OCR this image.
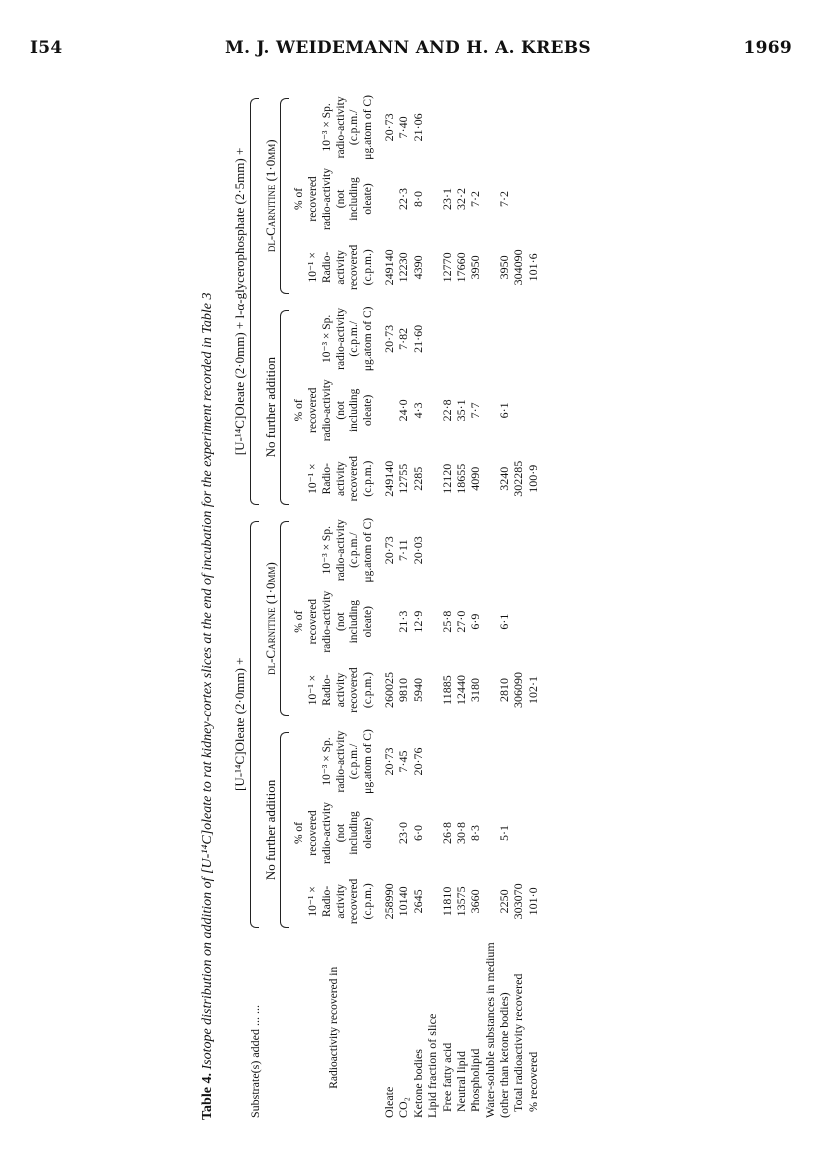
I54	M. J. WEIDEMANN AND H. A. KREBS	1969
Table 4. Isotope distribution on addition of [U-¹⁴C]oleate to rat kidney-cortex slices at the end of incubation for the experiment recorded in Table 3	Substrate(s) added ... ...	[U-¹⁴C]Oleate (2·0mm) +						[U-¹⁴C]Oleate (2·0mm) + l-α-glycerophosphate (2·5mm) +					

	No further addition			dl-Carnitine (1·0mm)			No further addition			dl-Carnitine (1·0mm)		

Radioactivity recovered in	10⁻¹ × Radio-activity recovered (c.p.m.)	% of recovered radio-activity (not including oleate)	10⁻³ × Sp. radio-activity (c.p.m./ μg.atom of C)	10⁻¹ × Radio-activity recovered (c.p.m.)	% of recovered radio-activity (not including oleate)	10⁻³ × Sp. radio-activity (c.p.m./ μg.atom of C)	10⁻¹ × Radio-activity recovered (c.p.m.)	% of recovered radio-activity (not including oleate)	10⁻³ × Sp. radio-activity (c.p.m./ μg.atom of C)	10⁻¹ × Radio-activity recovered (c.p.m.)	% of recovered radio-activity (not including oleate)	10⁻³ × Sp. radio-activity (c.p.m./ μg.atom of C)

Oleate	258990		20·73	260025		20·73	249140		20·73	249140		20·73
CO₂	10140	23·0	7·45	9810	21·3	7·11	12755	24·0	7·82	12230	22·3	7·40
Ketone bodies	2645	6·0	20·76	5940	12·9	20·03	2285	4·3	21·60	4390	8·0	21·06
Lipid fraction of slice												
Free fatty acid	11810	26·8		11885	25·8		12120	22·8		12770	23·1	
Neutral lipid	13575	30·8		12440	27·0		18655	35·1		17660	32·2	
Phospholipid	3660	8·3		3180	6·9		4090	7·7		3950	7·2	
Water-soluble substances in medium (other than ketone bodies)	2250	5·1		2810	6·1		3240	6·1		3950	7·2	
Total radioactivity recovered	303070			306090			302285			304090		
% recovered	101·0			102·1			100·9			101·6		
